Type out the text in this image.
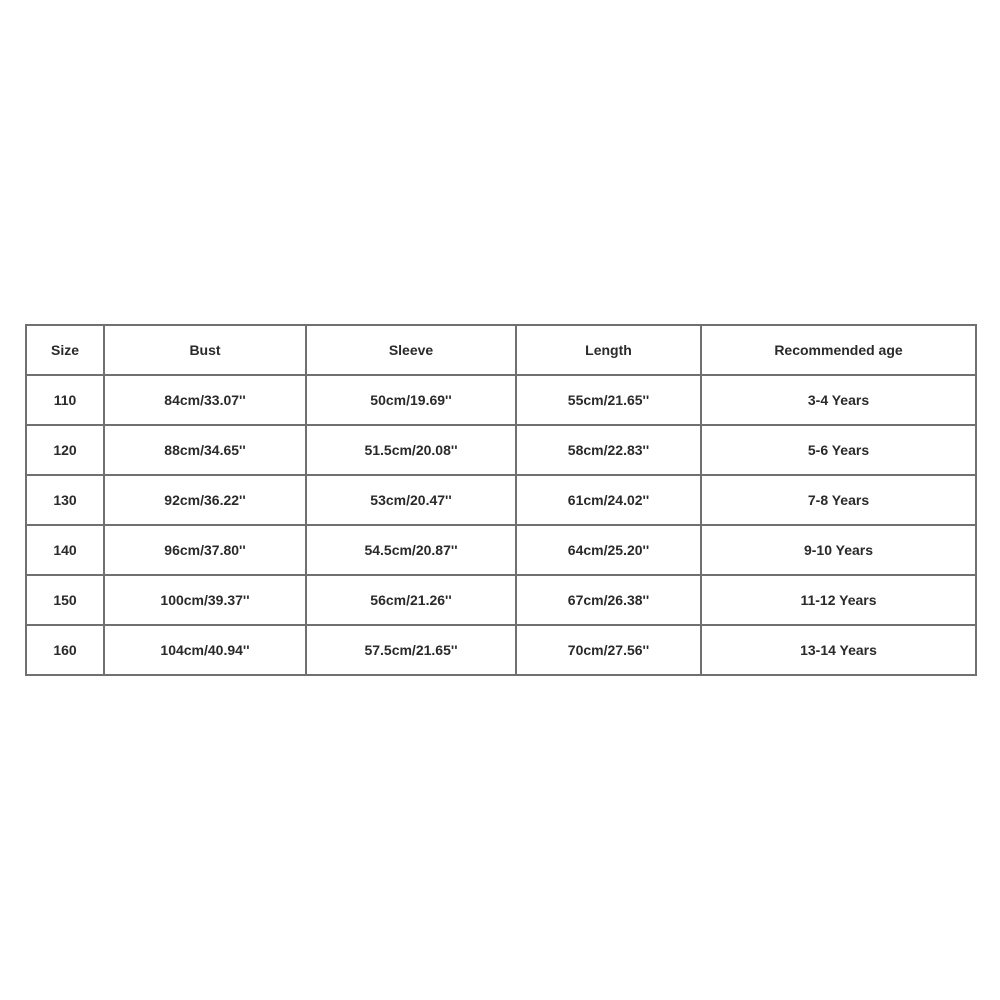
Size	Bust	Sleeve	Length	Recommended age
110	84cm/33.07''	50cm/19.69''	55cm/21.65''	3-4 Years
120	88cm/34.65''	51.5cm/20.08''	58cm/22.83''	5-6 Years
130	92cm/36.22''	53cm/20.47''	61cm/24.02''	7-8 Years
140	96cm/37.80''	54.5cm/20.87''	64cm/25.20''	9-10 Years
150	100cm/39.37''	56cm/21.26''	67cm/26.38''	11-12 Years
160	104cm/40.94''	57.5cm/21.65''	70cm/27.56''	13-14 Years
